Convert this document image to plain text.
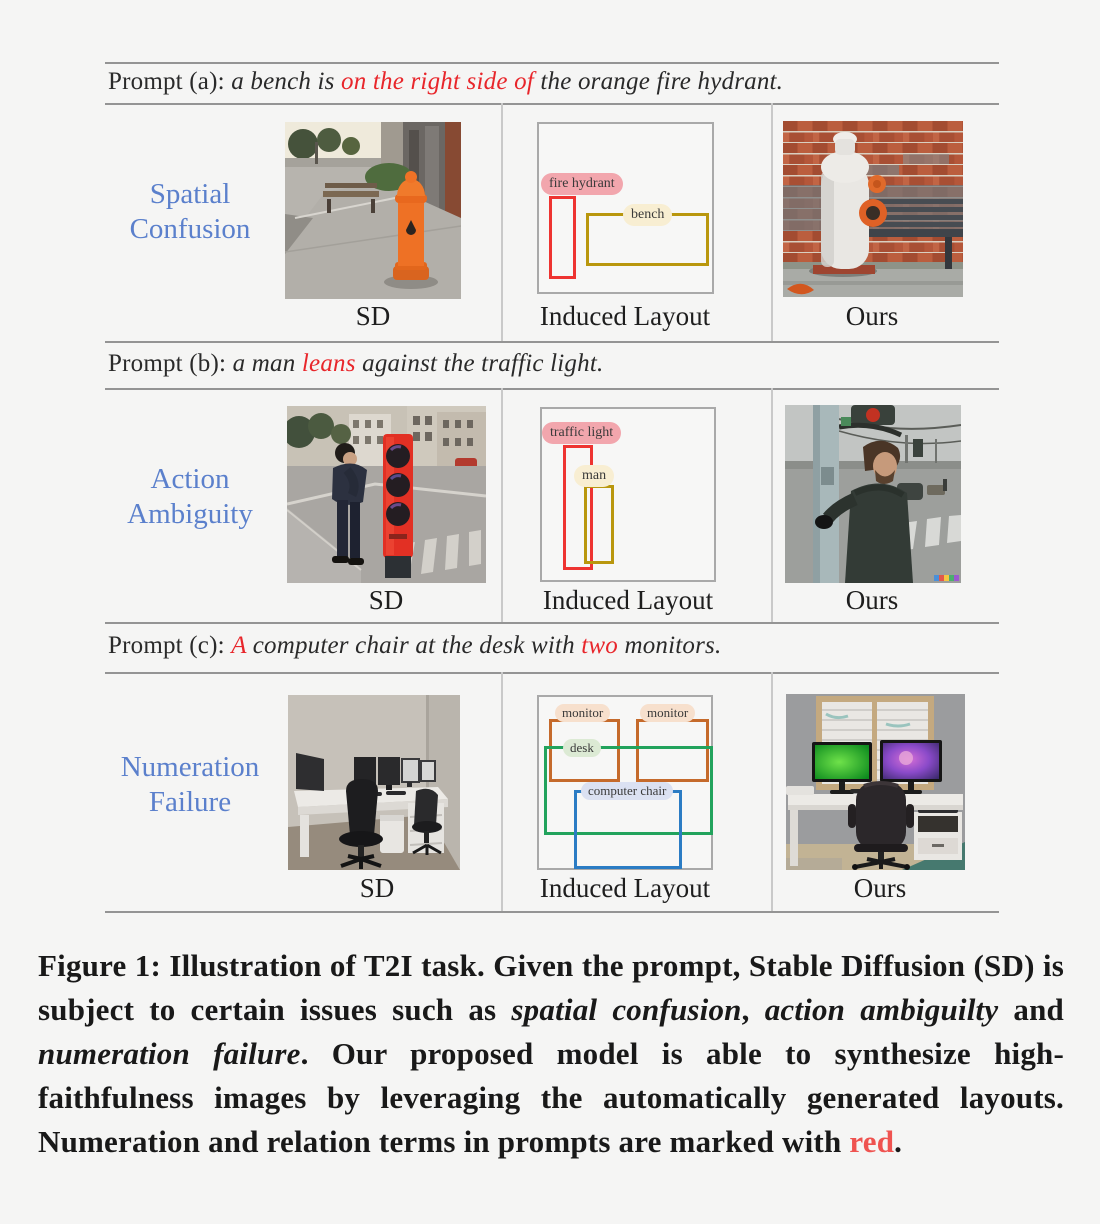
Prompt (a): a bench is on the right side of the orange fire hydrant.
Spatial
Confusion
fire hydrant
bench
SD	Induced Layout	Ours
Prompt (b): a man leans against the traffic light.
Action
Ambiguity
traffic light
man
SD	Induced Layout	Ours
Prompt (c): A computer chair at the desk with two monitors.
Numeration
Failure
monitor	monitor
desk
computer chair
SD	Induced Layout	Ours
Figure 1: Illustration of T2I task. Given the prompt, Stable Diffusion (SD) is subject to certain issues such as spatial confusion, action ambiguilty and numeration failure. Our proposed model is able to synthesize high-faithfulness images by leveraging the automatically generated layouts. Numeration and relation terms in prompts are marked with red.
